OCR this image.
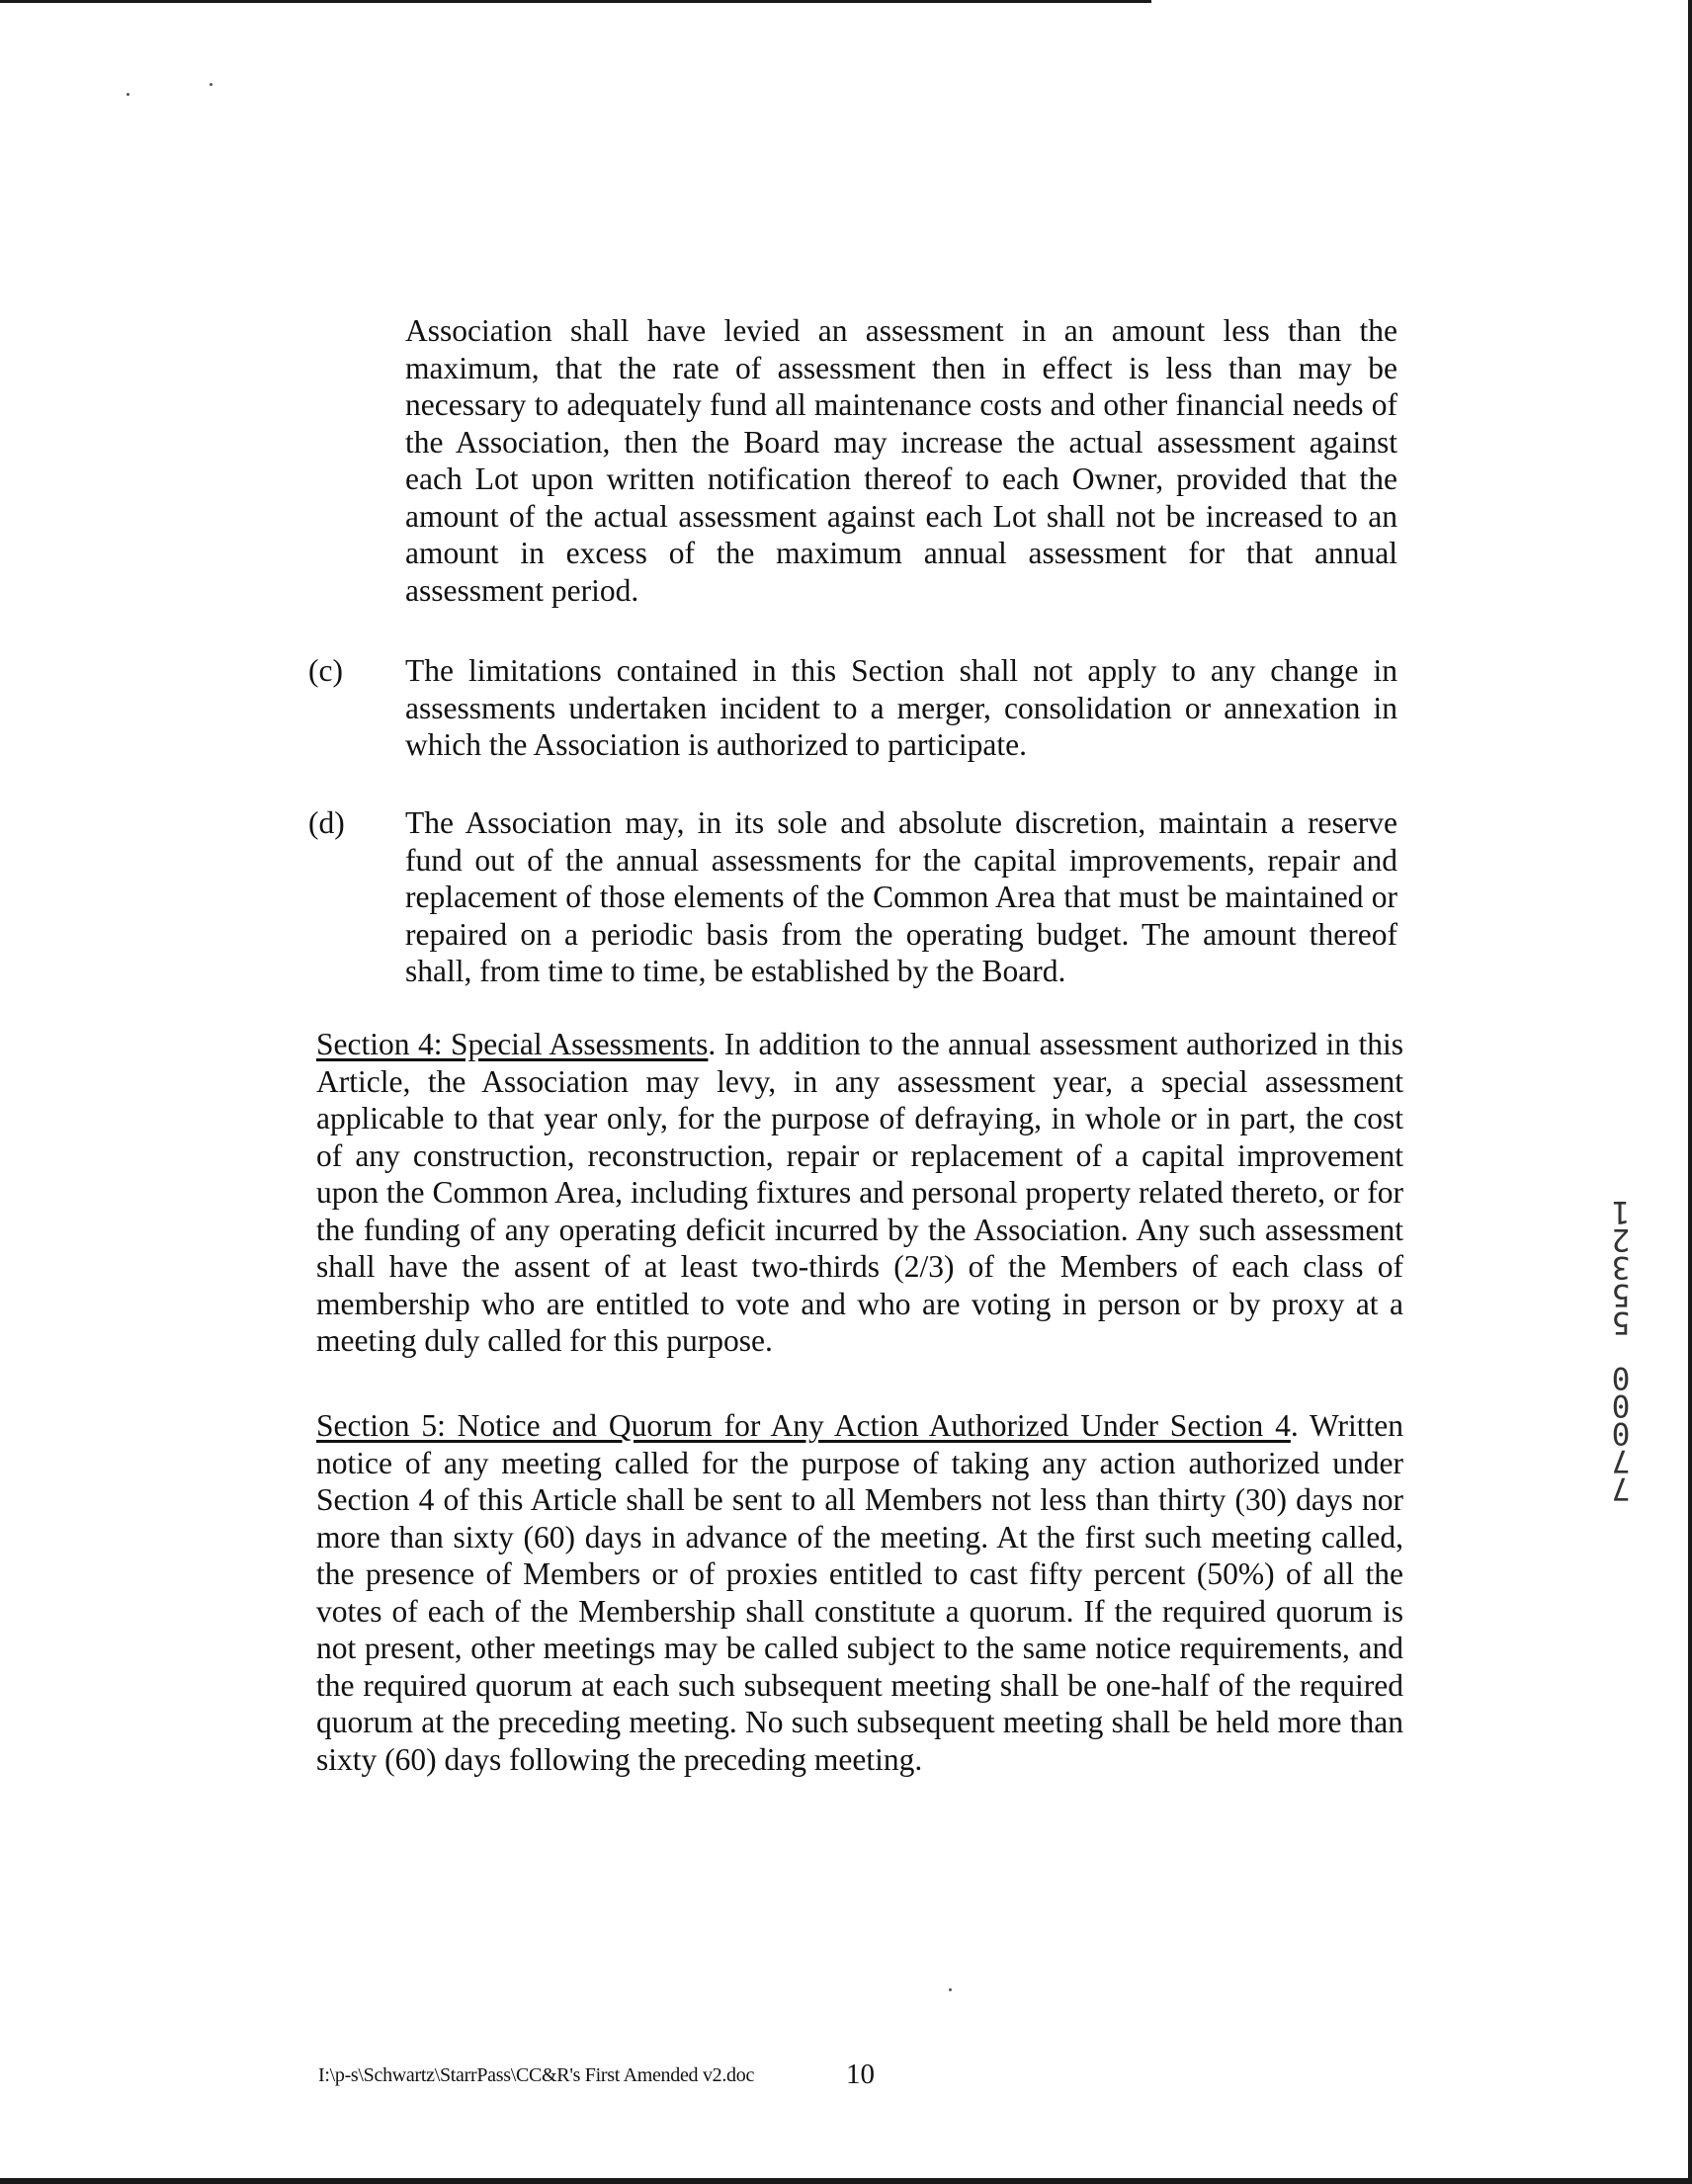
Association shall have levied an assessment in an amount less than the maximum, that the rate of assessment then in effect is less than may be necessary to adequately fund all maintenance costs and other financial needs of the Association, then the Board may increase the actual assessment against each Lot upon written notification thereof to each Owner, provided that the amount of the actual assessment against each Lot shall not be increased to an amount in excess of the maximum annual assessment for that annual assessment period.

(c) The limitations contained in this Section shall not apply to any change in assessments undertaken incident to a merger, consolidation or annexation in which the Association is authorized to participate.

(d) The Association may, in its sole and absolute discretion, maintain a reserve fund out of the annual assessments for the capital improvements, repair and replacement of those elements of the Common Area that must be maintained or repaired on a periodic basis from the operating budget. The amount thereof shall, from time to time, be established by the Board.

Section 4: Special Assessments. In addition to the annual assessment authorized in this Article, the Association may levy, in any assessment year, a special assessment applicable to that year only, for the purpose of defraying, in whole or in part, the cost of any construction, reconstruction, repair or replacement of a capital improvement upon the Common Area, including fixtures and personal property related thereto, or for the funding of any operating deficit incurred by the Association. Any such assessment shall have the assent of at least two-thirds (2/3) of the Members of each class of membership who are entitled to vote and who are voting in person or by proxy at a meeting duly called for this purpose.

Section 5: Notice and Quorum for Any Action Authorized Under Section 4. Written notice of any meeting called for the purpose of taking any action authorized under Section 4 of this Article shall be sent to all Members not less than thirty (30) days nor more than sixty (60) days in advance of the meeting. At the first such meeting called, the presence of Members or of proxies entitled to cast fifty percent (50%) of all the votes of each of the Membership shall constitute a quorum. If the required quorum is not present, other meetings may be called subject to the same notice requirements, and the required quorum at each such subsequent meeting shall be one-half of the required quorum at the preceding meeting. No such subsequent meeting shall be held more than sixty (60) days following the preceding meeting.

1
2
3
5
5
0
0
0
7
7
I:\p-s\Schwartz\StarrPass\CC&R's First Amended v2.doc	10
